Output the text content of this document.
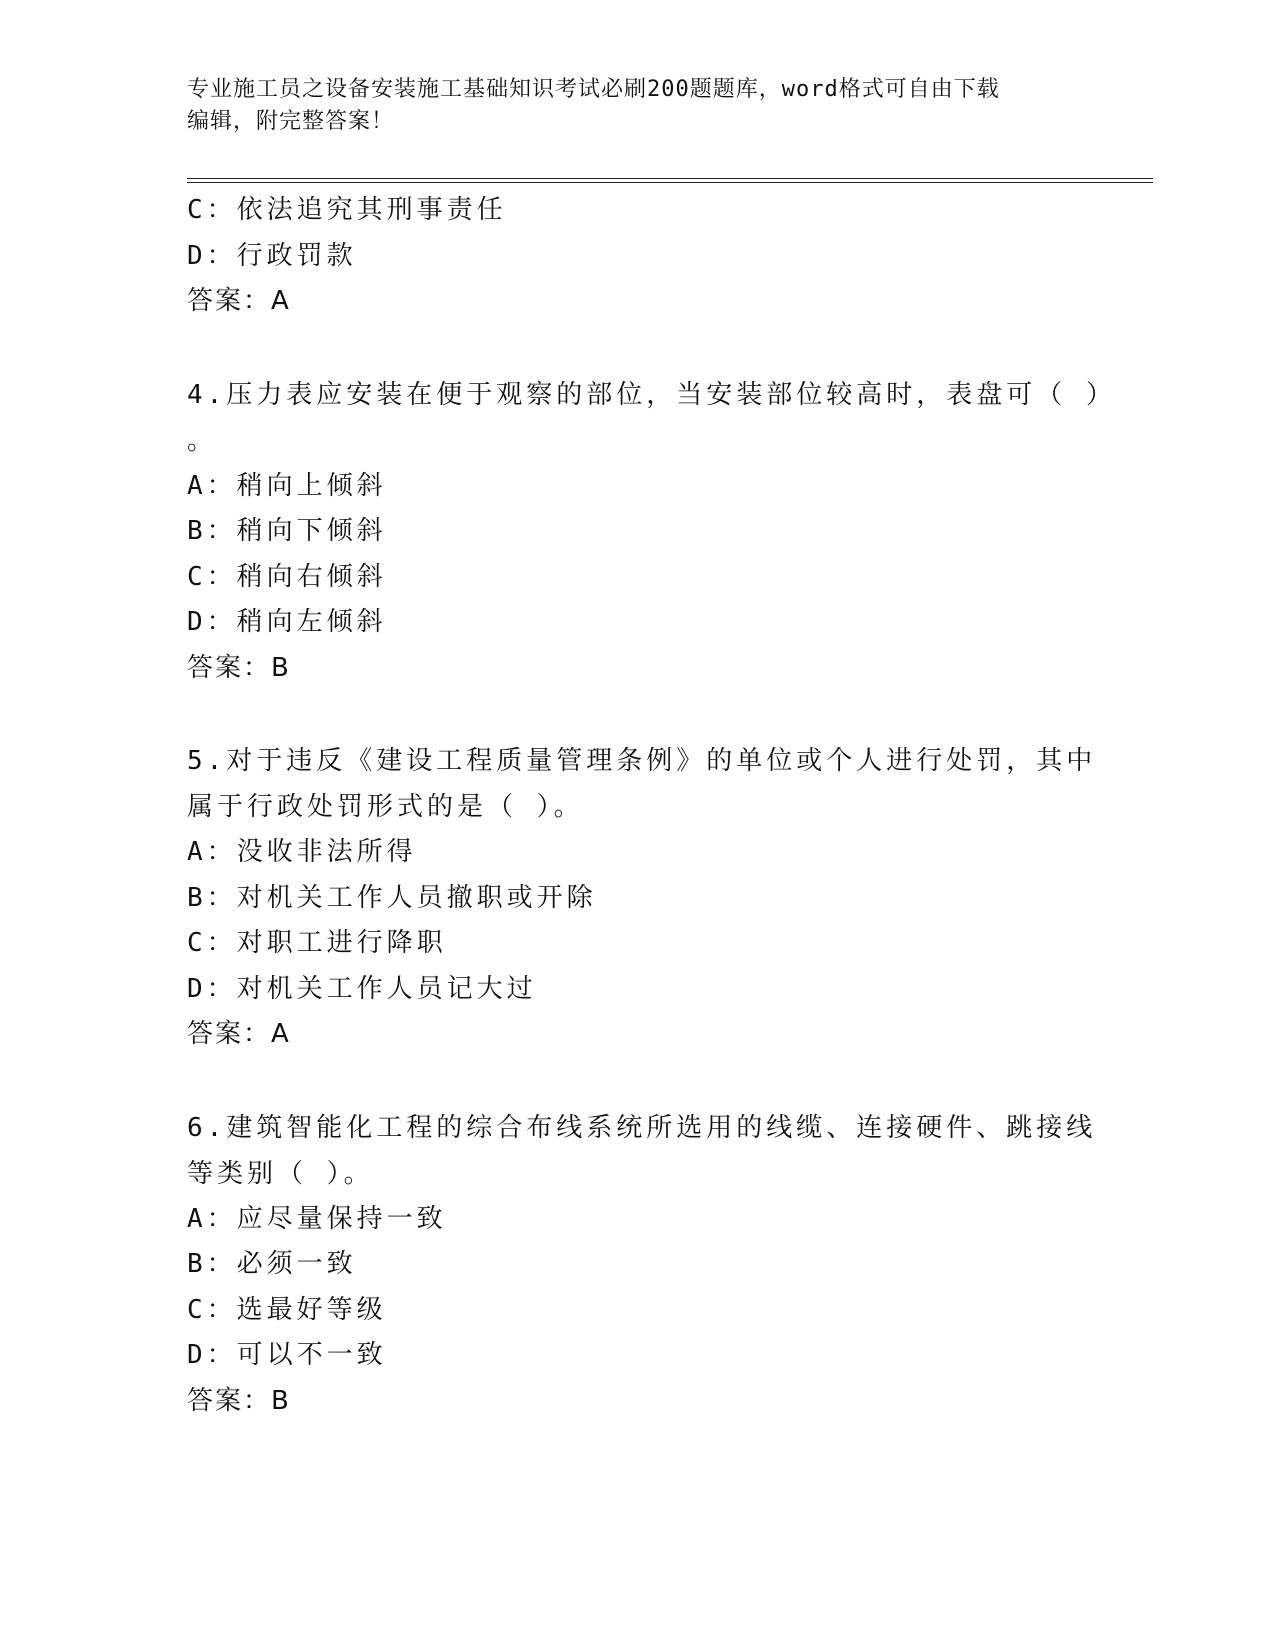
专业施工员之设备安装施工基础知识考试必刷200题题库，word格式可自由下载
编辑，附完整答案！
C：依法追究其刑事责任
D：行政罚款
答案：A
4.压力表应安装在便于观察的部位，当安装部位较高时，表盘可（ ）
。
A：稍向上倾斜
B：稍向下倾斜
C：稍向右倾斜
D：稍向左倾斜
答案：B
5.对于违反《建设工程质量管理条例》的单位或个人进行处罚，其中
属于行政处罚形式的是（ ）。
A：没收非法所得
B：对机关工作人员撤职或开除
C：对职工进行降职
D：对机关工作人员记大过
答案：A
6.建筑智能化工程的综合布线系统所选用的线缆、连接硬件、跳接线
等类别（ ）。
A：应尽量保持一致
B：必须一致
C：选最好等级
D：可以不一致
答案：B
